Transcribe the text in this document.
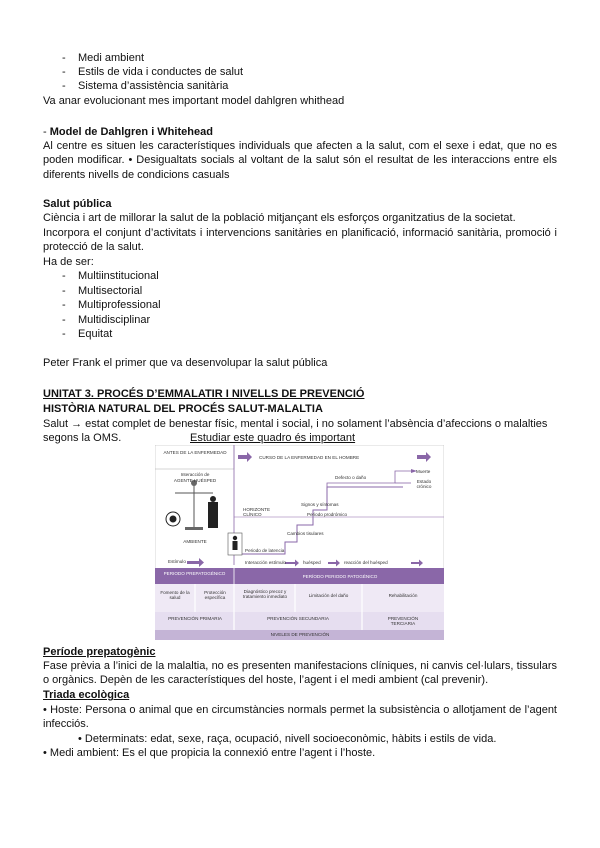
- Medi ambient
- Estils de vida i conductes de salut
- Sistema d’assistència sanitària
Va anar evolucionant mes important model dahlgren whithead
- Model de Dahlgren i Whitehead
Al centre es situen les característiques individuals que afecten a la salut, com el sexe i edat, que no es poden modificar. • Desigualtats socials al voltant de la salut són el resultat de les interaccions entre els diferents nivells de condicions casuals
Salut pública
Ciència i art de millorar la salut de la població mitjançant els esforços organitzatius de la societat.
Incorpora el conjunt d’activitats i intervencions sanitàries en planificació, informació sanitària, promoció i protecció de la salut.
Ha de ser:
- Multiinstitucional
- Multisectorial
- Multiprofessional
- Multidisciplinar
- Equitat
Peter Frank el primer que va desenvolupar la salut pública
UNITAT 3. PROCÉS D’EMMALATIR I NIVELLS DE PREVENCIÓ
HISTÒRIA NATURAL DEL PROCÉS SALUT-MALALTIA
Salut → estat complet de benestar físic, mental i social, i no solament l’absència d’afeccions o malalties
segons la OMS.	Estudiar este quadro és important
ANTES DE LA ENFERMEDAD
CURSO DE LA ENFERMEDAD EN EL HOMBRE
Interacción de
AGENTE HUÉSPED
AMBIENTE
Estímulo
Muerte
Estado crónico
Defecto o daño
Signos y síntomas
Periodo prodrómico
HORIZONTE CLÍNICO
Cambios tisulares
Periodo de latencia
Interacción estímulo	huésped	reacción del huésped
PERIODO PREPATOGÉNICO
PERÍODO PERIODO PATOGÉNICO
Fomento de la salud
Protección específica
Diagnóstico precoz y tratamiento inmediato	Limitación del daño	Rehabilitación
PREVENCIÓN PRIMARIA	PREVENCIÓN SECUNDARIA	PREVENCIÓN TERCIARIA
NIVELES DE PREVENCIÓN
Període prepatogènic
Fase prèvia a l’inici de la malaltia, no es presenten manifestacions clíniques, ni canvis cel·lulars, tissulars o orgànics. Depèn de les característiques del hoste, l’agent i el medi ambient (cal prevenir).
Triada ecològica
• Hoste: Persona o animal que en circumstàncies normals permet la subsistència o allotjament de l’agent infecciós.
• Determinats: edat, sexe, raça, ocupació, nivell socioeconòmic, hàbits i estils de vida.
• Medi ambient: Es el que propicia la connexió entre l’agent i l’hoste.
